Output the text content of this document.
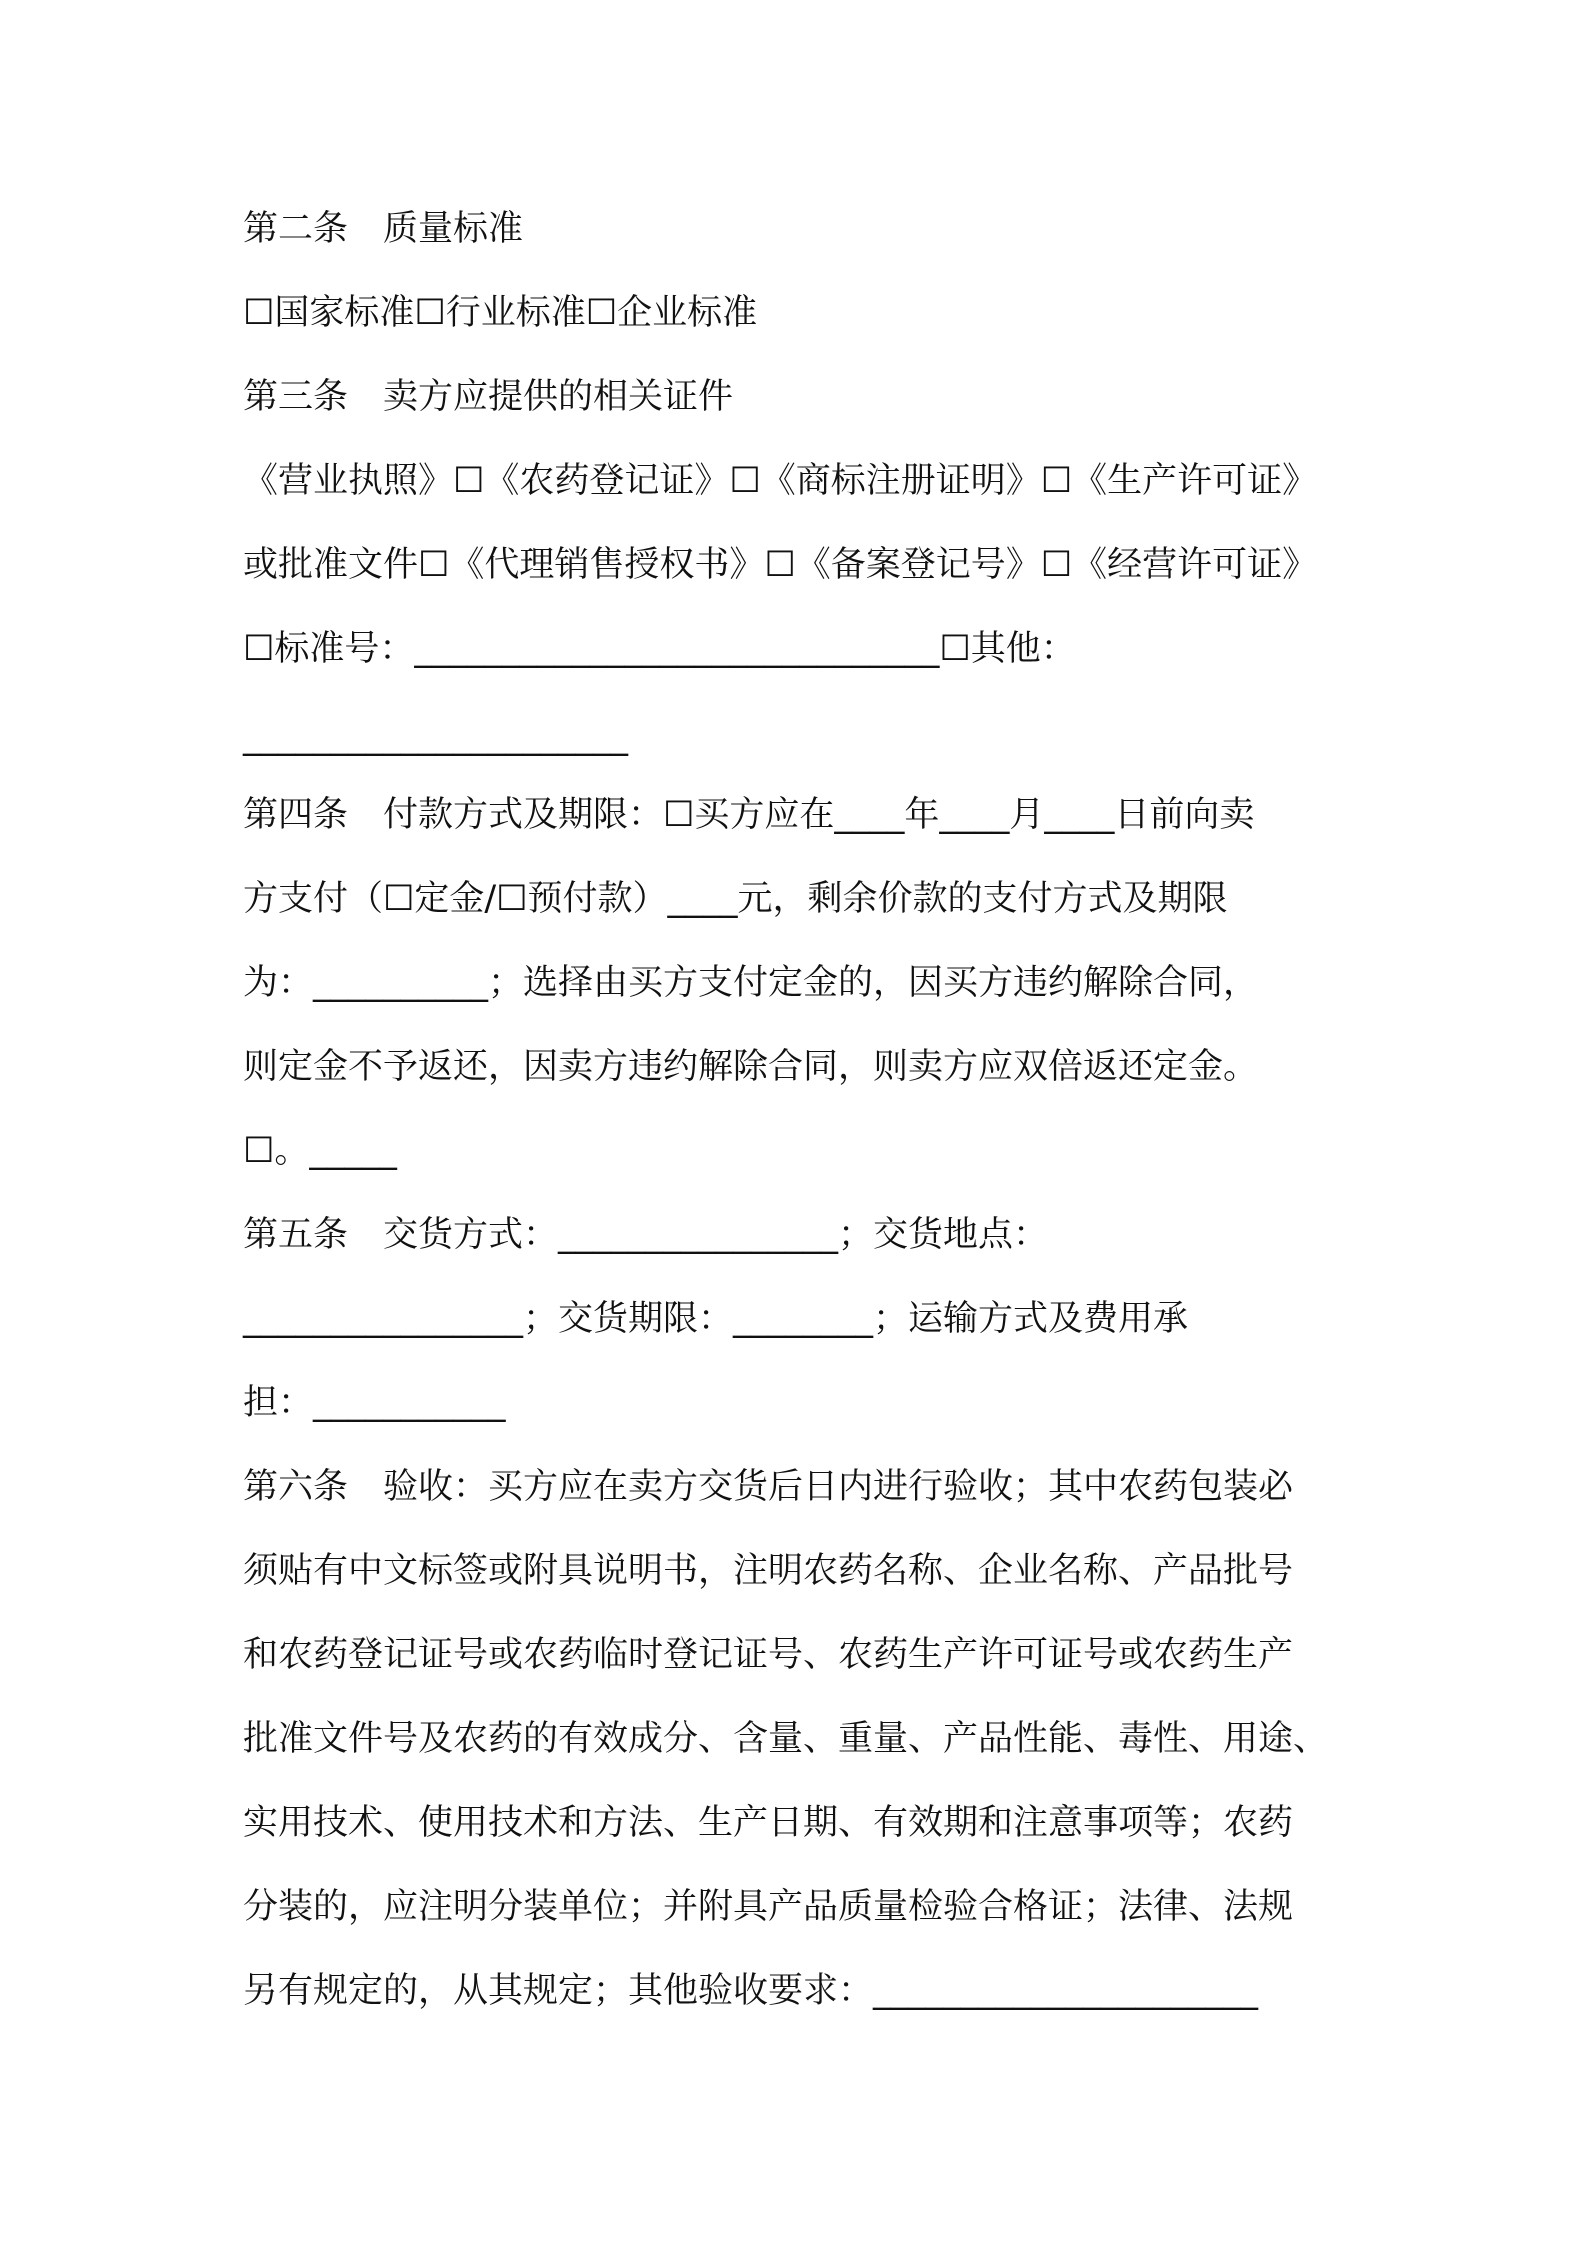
第二条　质量标准
☐国家标准☐行业标准☐企业标准
第三条　卖方应提供的相关证件
《营业执照》☐《农药登记证》☐《商标注册证明》☐《生产许可证》
或批准文件☐《代理销售授权书》☐《备案登记号》☐《经营许可证》
☐标准号：______________________________☐其他：
______________________
第四条　付款方式及期限：☐买方应在____年____月____日前向卖
方支付（☐定金/☐预付款）____元，剩余价款的支付方式及期限
为：__________；选择由买方支付定金的，因买方违约解除合同，
则定金不予返还，因卖方违约解除合同，则卖方应双倍返还定金。
☐。_____
第五条　交货方式：________________；交货地点：
________________；交货期限：________；运输方式及费用承
担：___________
第六条　验收：买方应在卖方交货后日内进行验收；其中农药包装必
须贴有中文标签或附具说明书，注明农药名称、企业名称、产品批号
和农药登记证号或农药临时登记证号、农药生产许可证号或农药生产
批准文件号及农药的有效成分、含量、重量、产品性能、毒性、用途、
实用技术、使用技术和方法、生产日期、有效期和注意事项等；农药
分装的，应注明分装单位；并附具产品质量检验合格证；法律、法规
另有规定的，从其规定；其他验收要求：______________________
